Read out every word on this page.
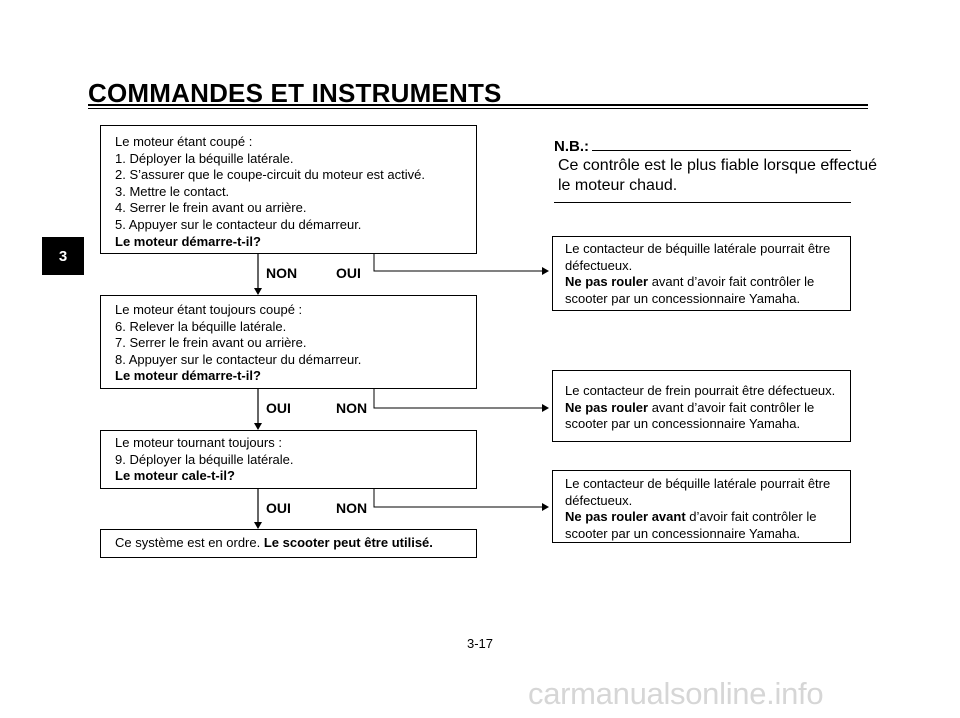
COMMANDES ET INSTRUMENTS
3
Le moteur étant coupé :
1. Déployer la béquille latérale.
2. S’assurer que le coupe-circuit du moteur est activé.
3. Mettre le contact.
4. Serrer le frein avant ou arrière.
5. Appuyer sur le contacteur du démarreur.
Le moteur démarre-t-il?
NON	OUI
Le moteur étant toujours coupé :
6. Relever la béquille latérale.
7. Serrer le frein avant ou arrière.
8. Appuyer sur le contacteur du démarreur.
Le moteur démarre-t-il?
OUI	NON
Le moteur tournant toujours :
9. Déployer la béquille latérale.
Le moteur cale-t-il?
OUI	NON
Ce système est en ordre. Le scooter peut être utilisé.
N.B.:
Ce contrôle est le plus fiable lorsque effectué
le moteur chaud.
Le contacteur de béquille latérale pourrait être
défectueux.
Ne pas rouler avant d’avoir fait contrôler le
scooter par un concessionnaire Yamaha.
Le contacteur de frein pourrait être défectueux.
Ne pas rouler avant d’avoir fait contrôler le
scooter par un concessionnaire Yamaha.
Le contacteur de béquille latérale pourrait être
défectueux.
Ne pas rouler avant d’avoir fait contrôler le
scooter par un concessionnaire Yamaha.
3-17
carmanualsonline.info
